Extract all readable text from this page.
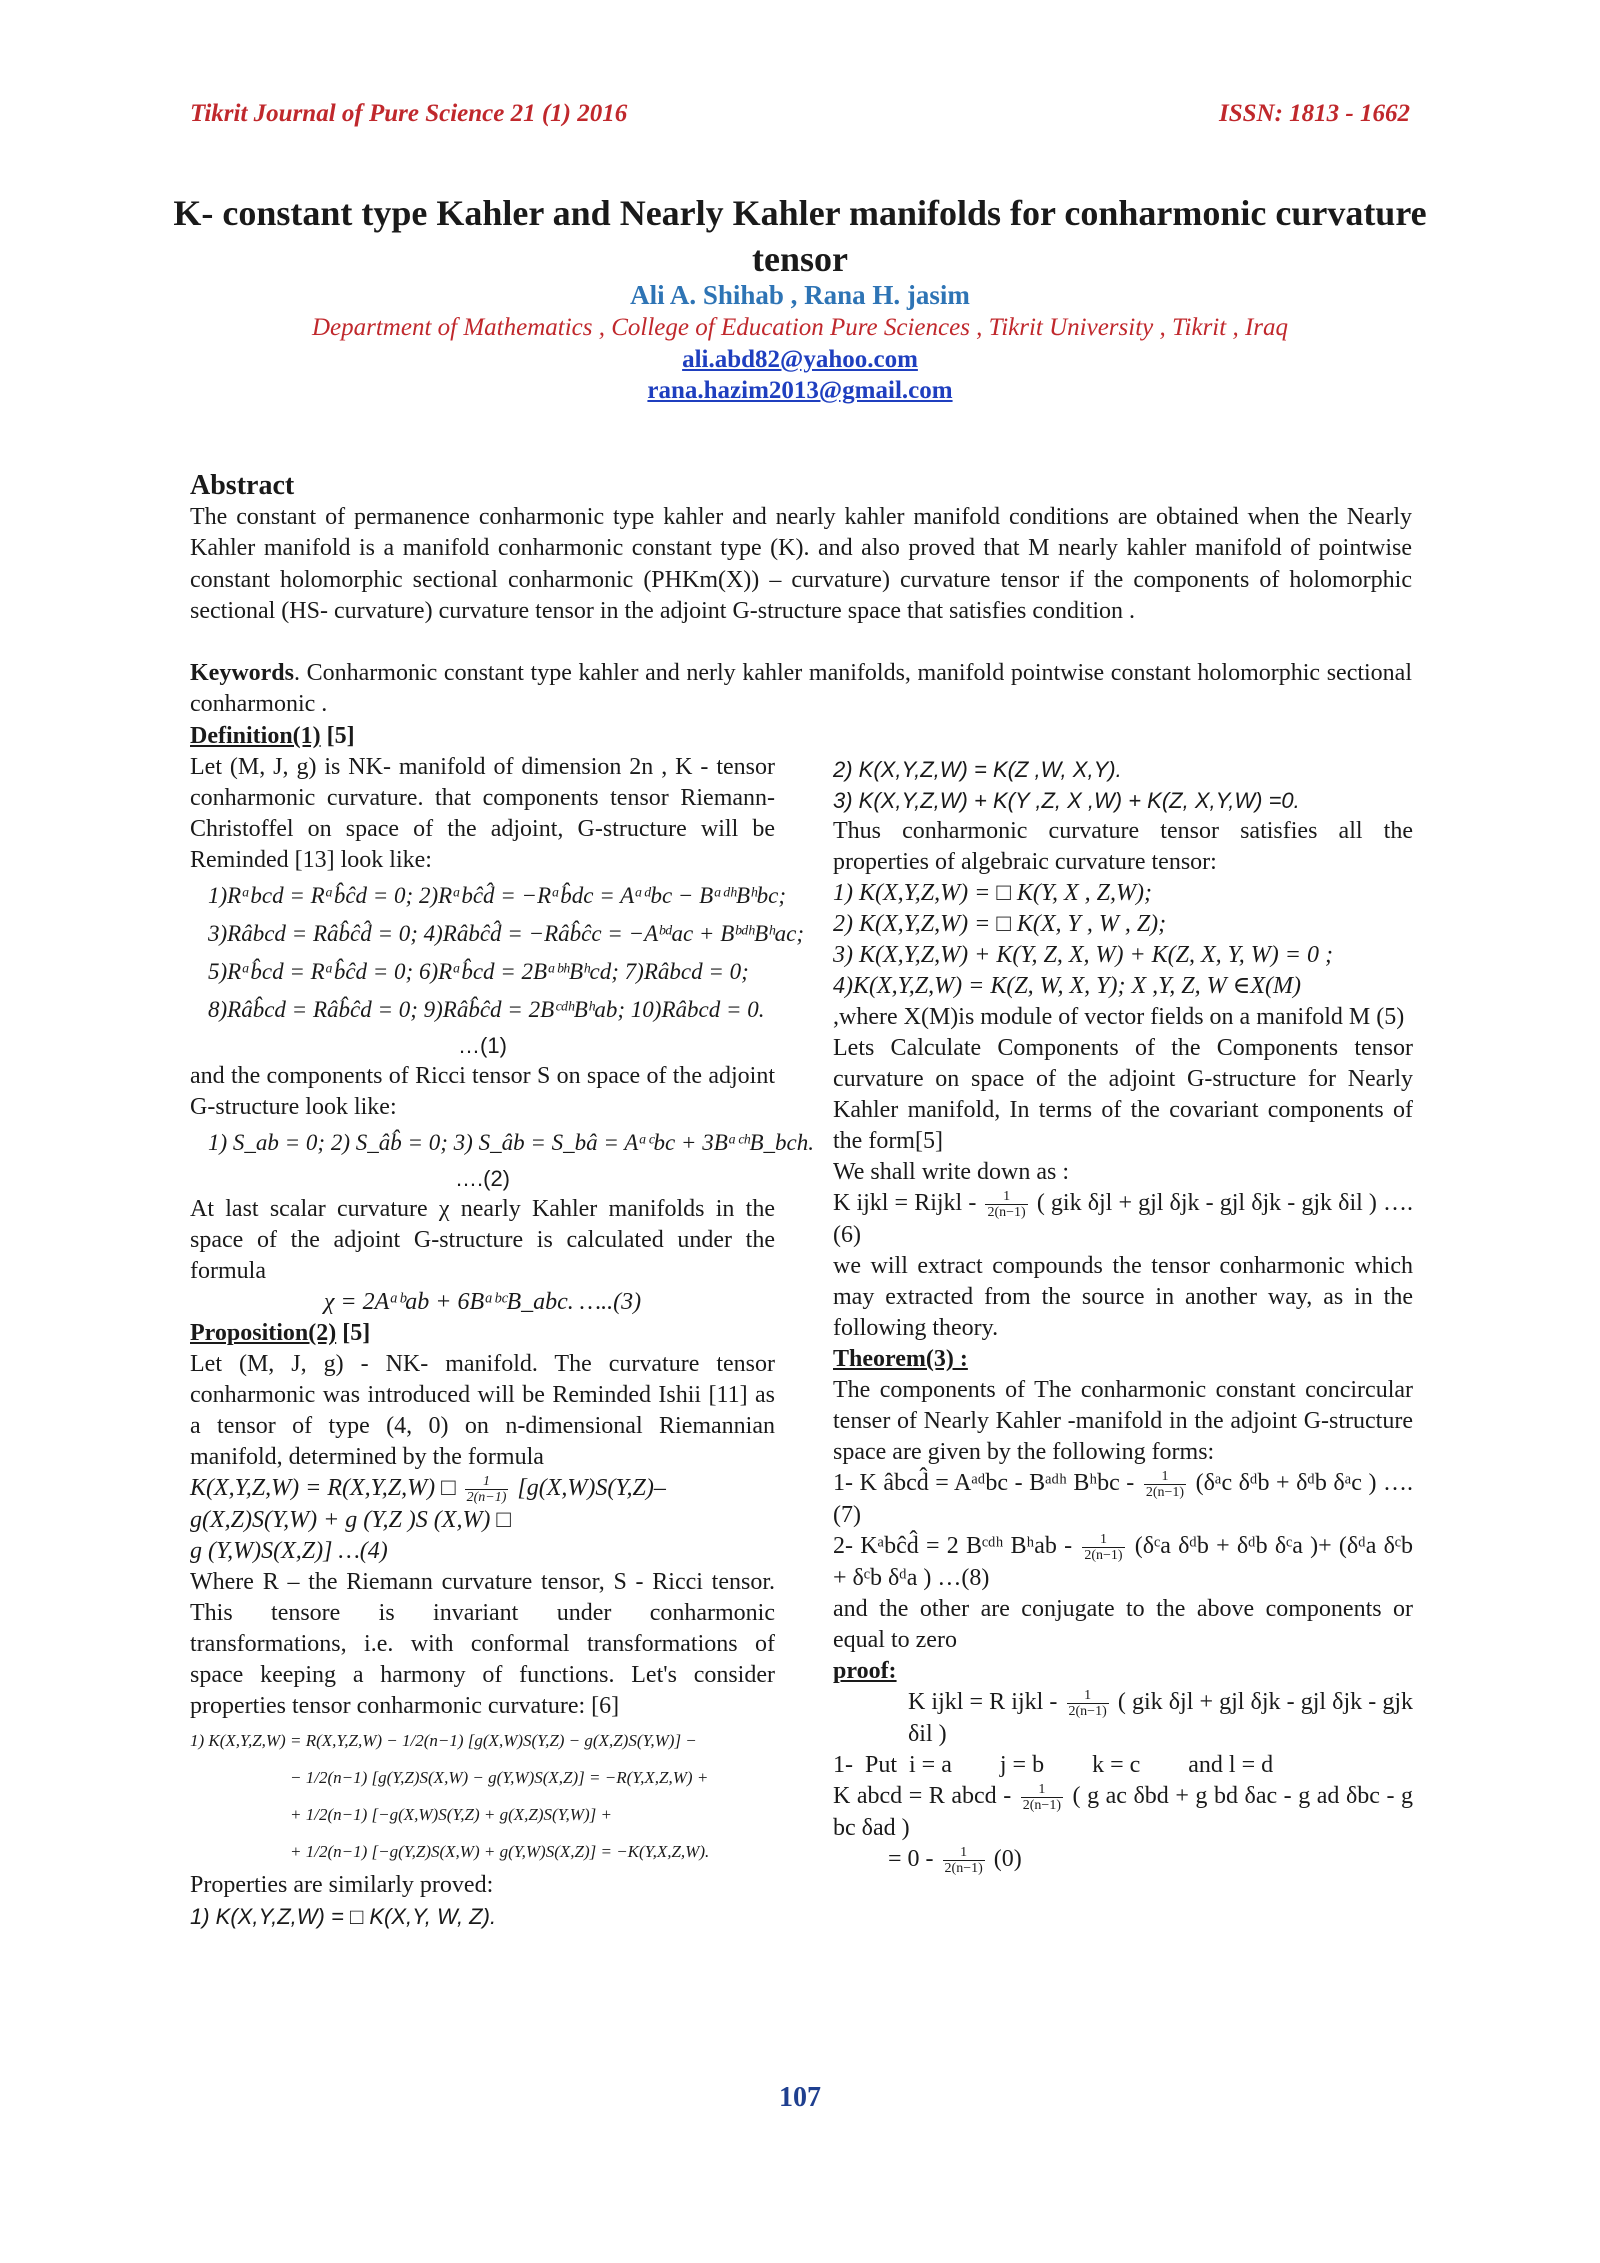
Tikrit Journal of Pure Science 21 (1) 2016	ISSN: 1813 - 1662
K- constant type Kahler and Nearly Kahler manifolds for conharmonic curvature tensor
Ali A. Shihab , Rana H. jasim
Department of Mathematics , College of Education Pure Sciences , Tikrit University , Tikrit , Iraq
ali.abd82@yahoo.com
rana.hazim2013@gmail.com
Abstract
The constant of permanence conharmonic type kahler and nearly kahler manifold conditions are obtained when the Nearly Kahler manifold is a manifold conharmonic constant type (K). and also proved that M nearly kahler manifold of pointwise constant holomorphic sectional conharmonic (PHKm(X)) – curvature) curvature tensor if the components of holomorphic sectional (HS- curvature) curvature tensor in the adjoint G-structure space that satisfies condition .
Keywords. Conharmonic constant type kahler and nerly kahler manifolds, manifold pointwise constant holomorphic sectional conharmonic .

Definition(1) [5]

Let (M, J, g) is NK- manifold of dimension 2n , K - tensor conharmonic curvature. that components tensor Riemann- Christoffel on space of the adjoint, G-structure will be Reminded [13] look like:

1)Rᵃbcd = Rᵃb̂ĉd = 0; 2)Rᵃbĉd̂ = −Rᵃb̂dc = Aᵃᵈbc − BᵃᵈʰBʰbc;
3)Râbcd = Râb̂ĉd̂ = 0; 4)Râbĉd̂ = −Râb̂ĉc = −Aᵇᵈac + BᵇᵈʰBʰac;
5)Rᵃb̂cd = Rᵃb̂ĉd = 0; 6)Rᵃb̂cd = 2BᵃᵇʰBʰcd; 7)Râbcd = 0;
8)Râb̂cd = Râb̂ĉd = 0; 9)Râb̂ĉd = 2BᶜᵈʰBʰab; 10)Râbcd = 0.
…(1)

and the components of Ricci tensor S on space of the adjoint G-structure look like:

1) S_ab = 0; 2) S_âb̂ = 0; 3) S_âb = S_bâ = Aᵃᶜbc + 3BᵃᶜʰB_bch.
….(2)

At last scalar curvature χ nearly Kahler manifolds in the space of the adjoint G-structure is calculated under the formula

χ = 2Aᵃᵇab + 6BᵃᵇᶜB_abc. …..(3)

Proposition(2) [5]

Let (M, J, g) - NK- manifold. The curvature tensor conharmonic was introduced will be Reminded Ishii [11] as a tensor of type (4, 0) on n-dimensional Riemannian manifold, determined by the formula

K(X,Y,Z,W) = R(X,Y,Z,W) □ $\frac{1}{2(n-1)} [g(X,W)S(Y,Z)-$
g(X,Z)S(Y,W) + g (Y,Z )S (X,W) □
g (Y,W)S(X,Z)] …(4)

Where R – the Riemann curvature tensor, S - Ricci tensor. This tensore is invariant under conharmonic transformations, i.e. with conformal transformations of space keeping a harmony of functions. Let's consider properties tensor conharmonic curvature: [6]

1) K(X,Y,Z,W) = R(X,Y,Z,W) − 1/2(n−1) [g(X,W)S(Y,Z) − g(X,Z)S(Y,W)] −
− 1/2(n−1) [g(Y,Z)S(X,W) − g(Y,W)S(X,Z)] = −R(Y,X,Z,W) +
+ 1/2(n−1) [−g(X,W)S(Y,Z) + g(X,Z)S(Y,W)] +
+ 1/2(n−1) [−g(Y,Z)S(X,W) + g(Y,W)S(X,Z)] = −K(Y,X,Z,W).

Properties are similarly proved:

1) K(X,Y,Z,W) = □ K(X,Y, W, Z).
2) K(X,Y,Z,W) = K(Z ,W, X,Y).
3) K(X,Y,Z,W) + K(Y ,Z, X ,W) + K(Z, X,Y,W) =0.

Thus conharmonic curvature tensor satisfies all the properties of algebraic curvature tensor:

1) K(X,Y,Z,W) = □ K(Y, X , Z,W);
2) K(X,Y,Z,W) = □ K(X, Y , W , Z);
3) K(X,Y,Z,W) + K(Y, Z, X, W) + K(Z, X, Y, W) = 0 ;
4)K(X,Y,Z,W) = K(Z, W, X, Y); X ,Y, Z, W ∈X(M)

,where X(M)is module of vector fields on a manifold M (5)

Lets Calculate Components of the Components tensor curvature on space of the adjoint G-structure for Nearly Kahler manifold, In terms of the covariant components of the form[5]

We shall write down as :

K ijkl = Rijkl - $\frac{1}{2(n-1)}$ ( gik δjl + gjl δjk - gjl δjk - gjk δil ) ….(6)

we will extract compounds the tensor conharmonic which may extracted from the source in another way, as in the following theory.

Theorem(3) :

The components of The conharmonic constant concircular tenser of Nearly Kahler -manifold in the adjoint G-structure space are given by the following forms:

1- K âbcd̂ = Aᵃᵈbc - Bᵃᵈʰ Bʰbc - $\frac{1}{2(n-1)}$ (δᵃc δᵈb + δᵈb δᵃc ) ….(7)
2- Kᵃbĉd̂ = 2 Bᶜᵈʰ Bʰab - $\frac{1}{2(n-1)}$ (δᶜa δᵈb + δᵈb δᶜa )+ (δᵈa δᶜb + δᶜb δᵈa ) …(8)

and the other are conjugate to the above components or equal to zero

proof:

K ijkl = R ijkl - $\frac{1}{2(n-1)}$ ( gik δjl + gjl δjk - gjl δjk - gjk δil )
1-  Put  i = a        j = b        k = c        and l = d
K abcd = R abcd - $\frac{1}{2(n-1)}$ ( g ac δbd + g bd δac - g ad δbc - g bc δad )
= $0 - \frac{1}{2(n-1)} (0)$
107
